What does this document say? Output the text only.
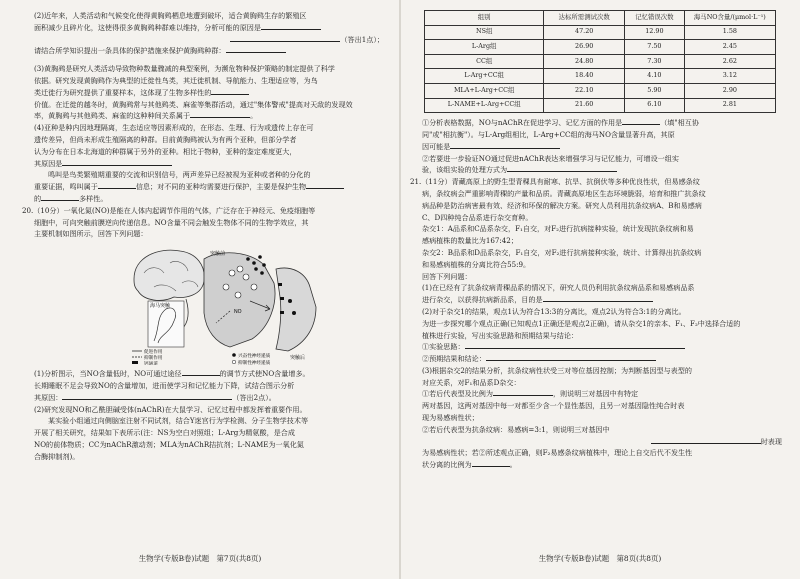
(2)近年来，人类活动和气候变化使得黄胸鹀栖息地遭到破坏，适合黄胸鹀生存的繁殖区

面积减少且碎片化，这使得很多黄胸鹀种群难以维持，分析可能的原因是

（答出1点）；

请结合所学知识提出一条具体的保护措施来保护黄胸鹀种群：

(3)黄胸鹀是研究人类活动导致物种数量骤减的典型案例，为濒危物种保护策略的制定提供了科学

依据。研究发现黄胸鹀作为典型的迁徙性鸟类，其迁徙机制、导航能力、生理适应等，为鸟

类迁徙行为研究提供了重要样本，这体现了生物多样性的

价值。在迁徙的越冬时，黄胸鹀常与其他鹀类、麻雀等集群活动，通过"集体警戒"提高对天敌的发现效

率，黄胸鹀与其他鹀类、麻雀的这种种间关系属于	。

(4)亚种是种内因地理隔离，生态适应等因素形成的，在形态、生理、行为或遗传上存在可

遗传差异，但尚未形成生殖隔离的种群。目前黄胸鹀被认为有两个亚种，但部分学者

认为分布在日本北海道的种群属于另外的亚种。相比于物种，亚种的鉴定难度更大，

其原因是

鸣叫是鸟类繁殖期重要的交流和识别信号，两声差异已经被视为亚种或者种的分化的

重要证据，鸣叫属于	信息；对不同的亚种均需要进行保护，主要是保护生物

的	多样性。

20.（10分）一氧化氮(NO)是能在人体内起调节作用的气体，广泛存在于神经元、免疫细胞等

细胞中，可向突触前膜逆向传递信息。NO含量不同会触发生物体不同的生物学效应，其

主要机制如图所示，回答下列问题：

海马突触
突触前
NO
突触后
促进作用
抑制作用
钙通道
兴奋性神经递质
抑制性神经递质

(1)分析图示，当NO含量低时，NO可通过途径	的调节方式使NO含量增多。

长期睡眠不足会导致NO的含量增加，进而使学习和记忆能力下降，试结合图示分析

其原因：	（答出2点）。

(2)研究发现NO和乙酰胆碱受体(nAChR)在大鼠学习、记忆过程中都发挥着重要作用。

某实验小组通过向侧脑室注射不同试剂，结合Y迷宫行为学检测、分子生物学技术等

开展了相关研究，结果如下表所示(注：NS为空白对照组；L-Arg为精氨酸，是合成

NO的前体物质；CC为nAChR激动剂；MLA为nAChR拮抗剂；L-NAME为一氧化氮

合酶抑制剂)。

生物学(专版B卷)试题　第7页(共8页)
组别	达标所需测试次数	记忆错误次数	海马NO含量/(μmol·L⁻¹)
NS组	47.20	12.90	1.58
L-Arg组	26.90	7.50	2.45
CC组	24.80	7.30	2.62
L-Arg+CC组	18.40	4.10	3.12
MLA+L-Arg+CC组	22.10	5.90	2.90
L-NAME+L-Arg+CC组	21.60	6.10	2.81

①分析表格数据，NO与nAChR在促进学习、记忆方面的作用是	（填"相互协

同"或"相抗衡"）。与L-Arg组相比，L-Arg+CC组的海马NO含量显著升高，其原

因可能是

②若要进一步验证NO通过促进nAChR表达来增强学习与记忆能力，可增设一组实

验，该组实验的处理方式为

21.（11分）青藏高原上的野生型青稞具有耐寒、抗旱、抗倒伏等多种优良性状，但易感条纹

病，条纹病会严重影响青稞的产量和品质。青藏高原地区生态环境脆弱，培育和推广抗条纹

病品种是防治病害最有效、经济和环保的解决方案。研究人员利用抗条纹病A、B和易感病

C、D四种纯合品系进行杂交育种。

杂交1：A品系和C品系杂交，F₁自交，对F₂进行抗病接种实验，统计发现抗条纹病和易

感病植株的数量比为167:42；

杂交2：B品系和D品系杂交，F₁自交，对F₂进行抗病接种实验，统计、计算得出抗条纹病

和易感病植株的分离比符合55:9。

回答下列问题：

(1)在已经有了抗条纹病青稞品系的情况下，研究人员仍利用抗条纹病品系和易感病品系

进行杂交，以获得抗病新品系，目的是

(2)对于杂交1的结果，观点1认为符合13:3的分离比，观点2认为符合3:1的分离比。

为进一步探究哪个观点正确(已知观点1正确还是观点2正确)，请从杂交1的亲本、F₁、F₂中选择合适的

植株进行实验，写出实验思路和预期结果与结论：

①实验思路：

②预期结果和结论：

(3)根据杂交2的结果分析，抗条纹病性状受三对等位基因控制；为判断基因型与表型的

对应关系，对F₁和品系D杂交：

①若后代表型及比例为	，则说明三对基因中有特定

两对基因，这两对基因中每一对都至少含一个显性基因，且另一对基因隐性纯合时表

现为易感病性状；

②若后代表型为抗条纹病：易感病=3:1，则说明三对基因中

时表现

为易感病性状；若②所述观点正确，则F₂易感条纹病植株中，理论上自交后代不发生性

状分离的比例为	。

生物学(专版B卷)试题　第8页(共8页)
